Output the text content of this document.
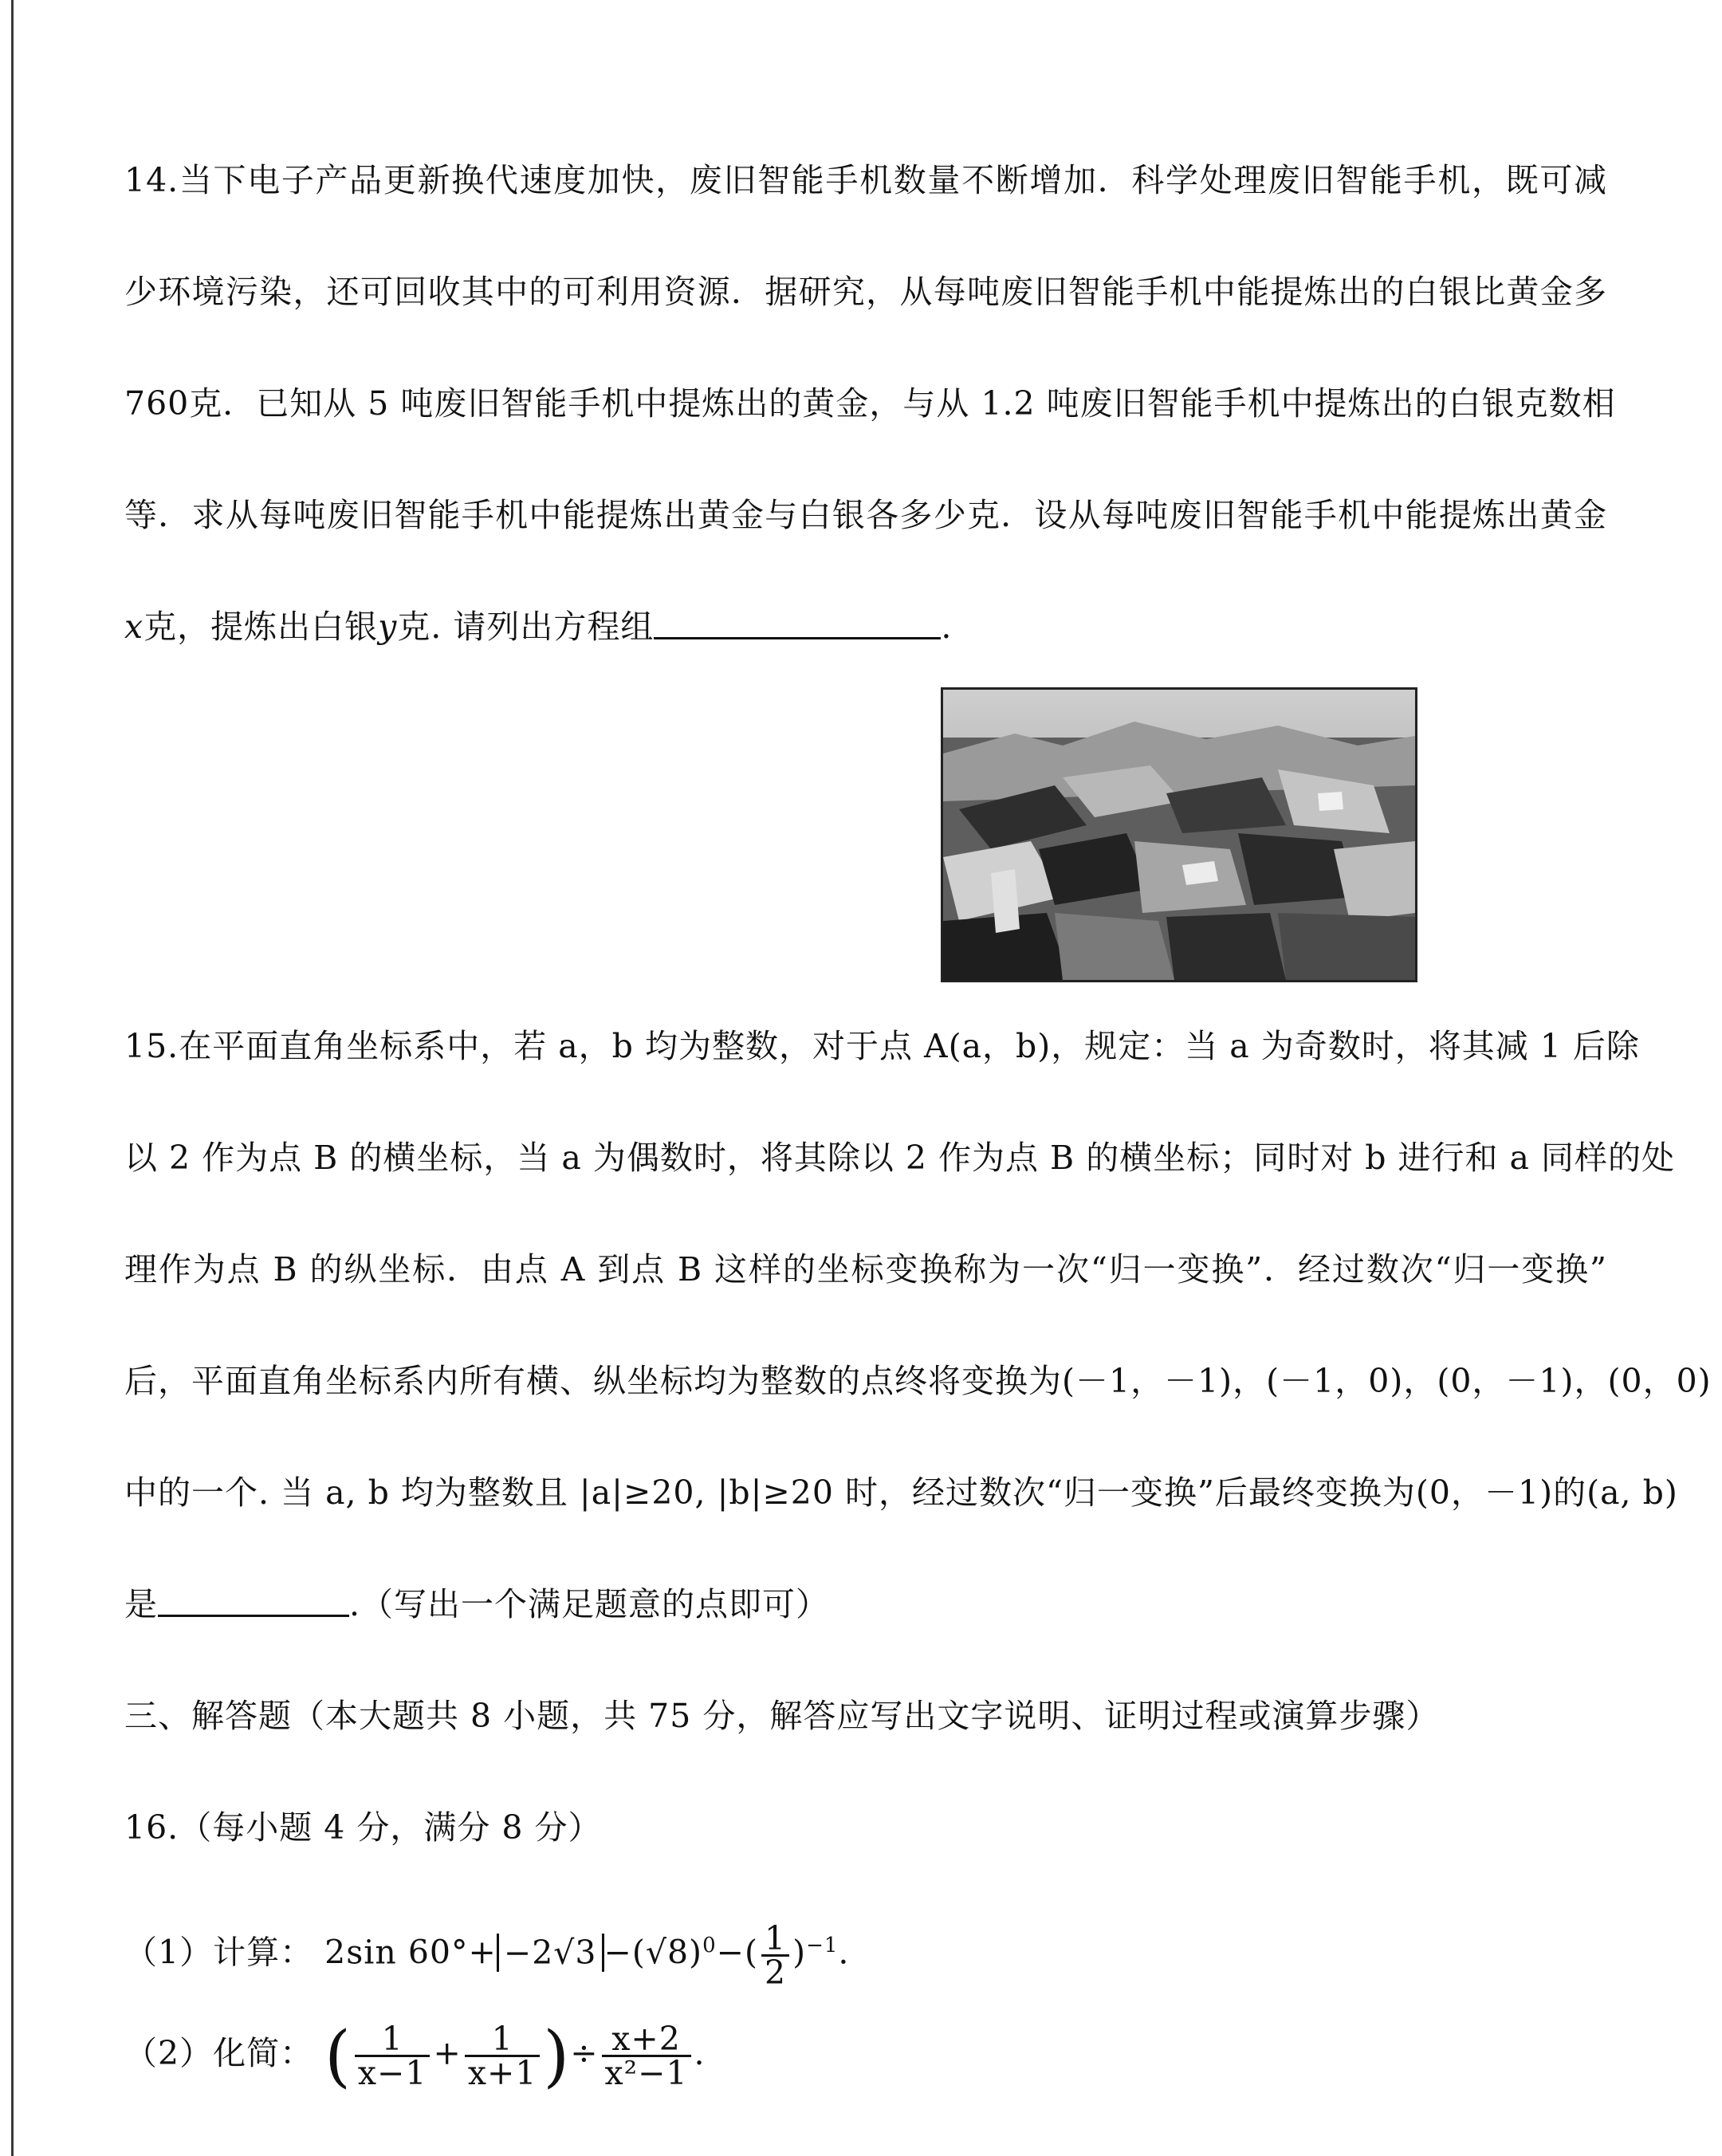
14.当下电子产品更新换代速度加快，废旧智能手机数量不断增加．科学处理废旧智能手机，既可减
少环境污染，还可回收其中的可利用资源．据研究，从每吨废旧智能手机中能提炼出的白银比黄金多
760克．已知从 5 吨废旧智能手机中提炼出的黄金，与从 1.2 吨废旧智能手机中提炼出的白银克数相
等．求从每吨废旧智能手机中能提炼出黄金与白银各多少克．设从每吨废旧智能手机中能提炼出黄金
x克，提炼出白银y克. 请列出方程组	.
15.在平面直角坐标系中，若 a，b 均为整数，对于点 A(a，b)，规定：当 a 为奇数时，将其减 1 后除
以 2 作为点 B 的横坐标，当 a 为偶数时，将其除以 2 作为点 B 的横坐标；同时对 b 进行和 a 同样的处
理作为点 B 的纵坐标．由点 A 到点 B 这样的坐标变换称为一次“归一变换”．经过数次“归一变换”
后，平面直角坐标系内所有横、纵坐标均为整数的点终将变换为(－1，－1)，(－1，0)，(0，－1)，(0，0)
中的一个. 当 a, b 均为整数且 |a|≥20, |b|≥20 时，经过数次“归一变换”后最终变换为(0，－1)的(a, b)
是	.（写出一个满足题意的点即可）
三、解答题（本大题共 8 小题，共 75 分，解答应写出文字说明、证明过程或演算步骤）
16.（每小题 4 分，满分 8 分）
（1）计算： 2sin $60^\circ+ -2√3 -(√8)^0-( \frac{1}{2} )^{-1}$.
（2）化简： ( $\frac{1}{x-1} + \frac{1}{x+1}$ )÷ $\frac{x+2}{\text{x²−1}}$ .
